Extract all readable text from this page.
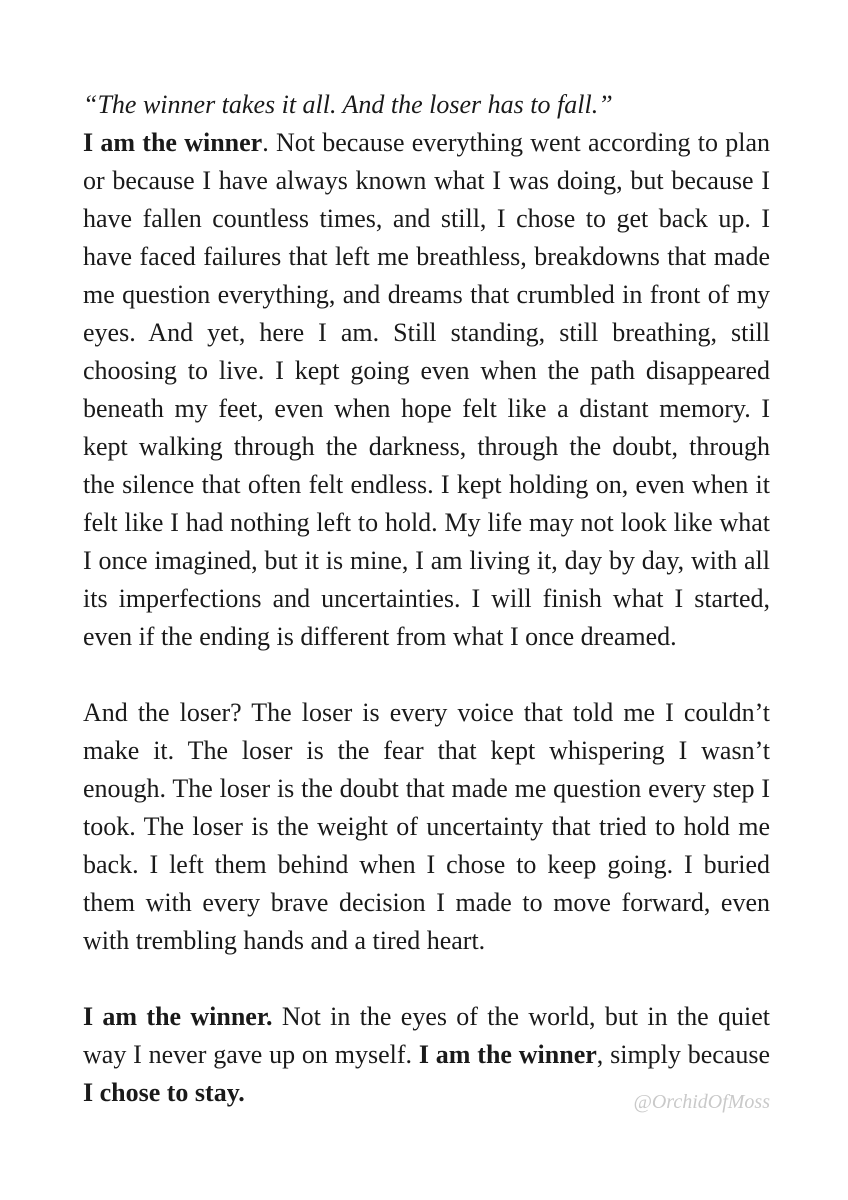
“The winner takes it all. And the loser has to fall.”

I am the winner. Not because everything went according to plan or because I have always known what I was doing, but because I have fallen countless times, and still, I chose to get back up. I have faced failures that left me breathless, breakdowns that made me question everything, and dreams that crumbled in front of my eyes. And yet, here I am. Still standing, still breathing, still choosing to live. I kept going even when the path disappeared beneath my feet, even when hope felt like a distant memory. I kept walking through the darkness, through the doubt, through the silence that often felt endless. I kept holding on, even when it felt like I had nothing left to hold. My life may not look like what I once imagined, but it is mine, I am living it, day by day, with all its imperfections and uncertainties. I will finish what I started, even if the ending is different from what I once dreamed.

And the loser? The loser is every voice that told me I couldn’t make it. The loser is the fear that kept whispering I wasn’t enough. The loser is the doubt that made me question every step I took. The loser is the weight of uncertainty that tried to hold me back. I left them behind when I chose to keep going. I buried them with every brave decision I made to move forward, even with trembling hands and a tired heart.

I am the winner. Not in the eyes of the world, but in the quiet way I never gave up on myself. I am the winner, simply because I chose to stay.	@OrchidOfMoss
